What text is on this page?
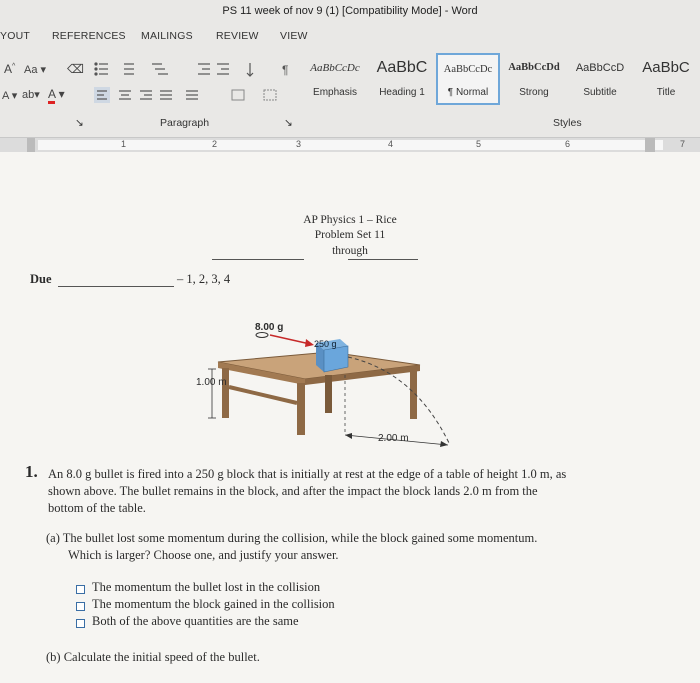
PS 11 week of nov 9 (1) [Compatibility Mode] - Word
YOUT REFERENCES MAILINGS REVIEW VIEW
A^ Aa ▾ ⌫	¶
A ▾ ab▾ A ▾
AaBbCcDc
Emphasis
AaBbC
Heading 1
AaBbCcDc
¶ Normal
AaBbCcDd
Strong
AaBbCcD
Subtitle
AaBbC
Title
↘	Paragraph	↘	Styles
1	2	3	4	5	6	7
AP Physics 1 – Rice
Problem Set 11
through
Due	– 1, 2, 3, 4
8.00 g
250 g
1.00 m
2.00 m
1. An 8.0 g bullet is fired into a 250 g block that is initially at rest at the edge of a table of height 1.0 m, as
shown above. The bullet remains in the block, and after the impact the block lands 2.0 m from the
bottom of the table.
(a) The bullet lost some momentum during the collision, while the block gained some momentum.
Which is larger? Choose one, and justify your answer.
The momentum the bullet lost in the collision
The momentum the block gained in the collision
Both of the above quantities are the same
(b) Calculate the initial speed of the bullet.
